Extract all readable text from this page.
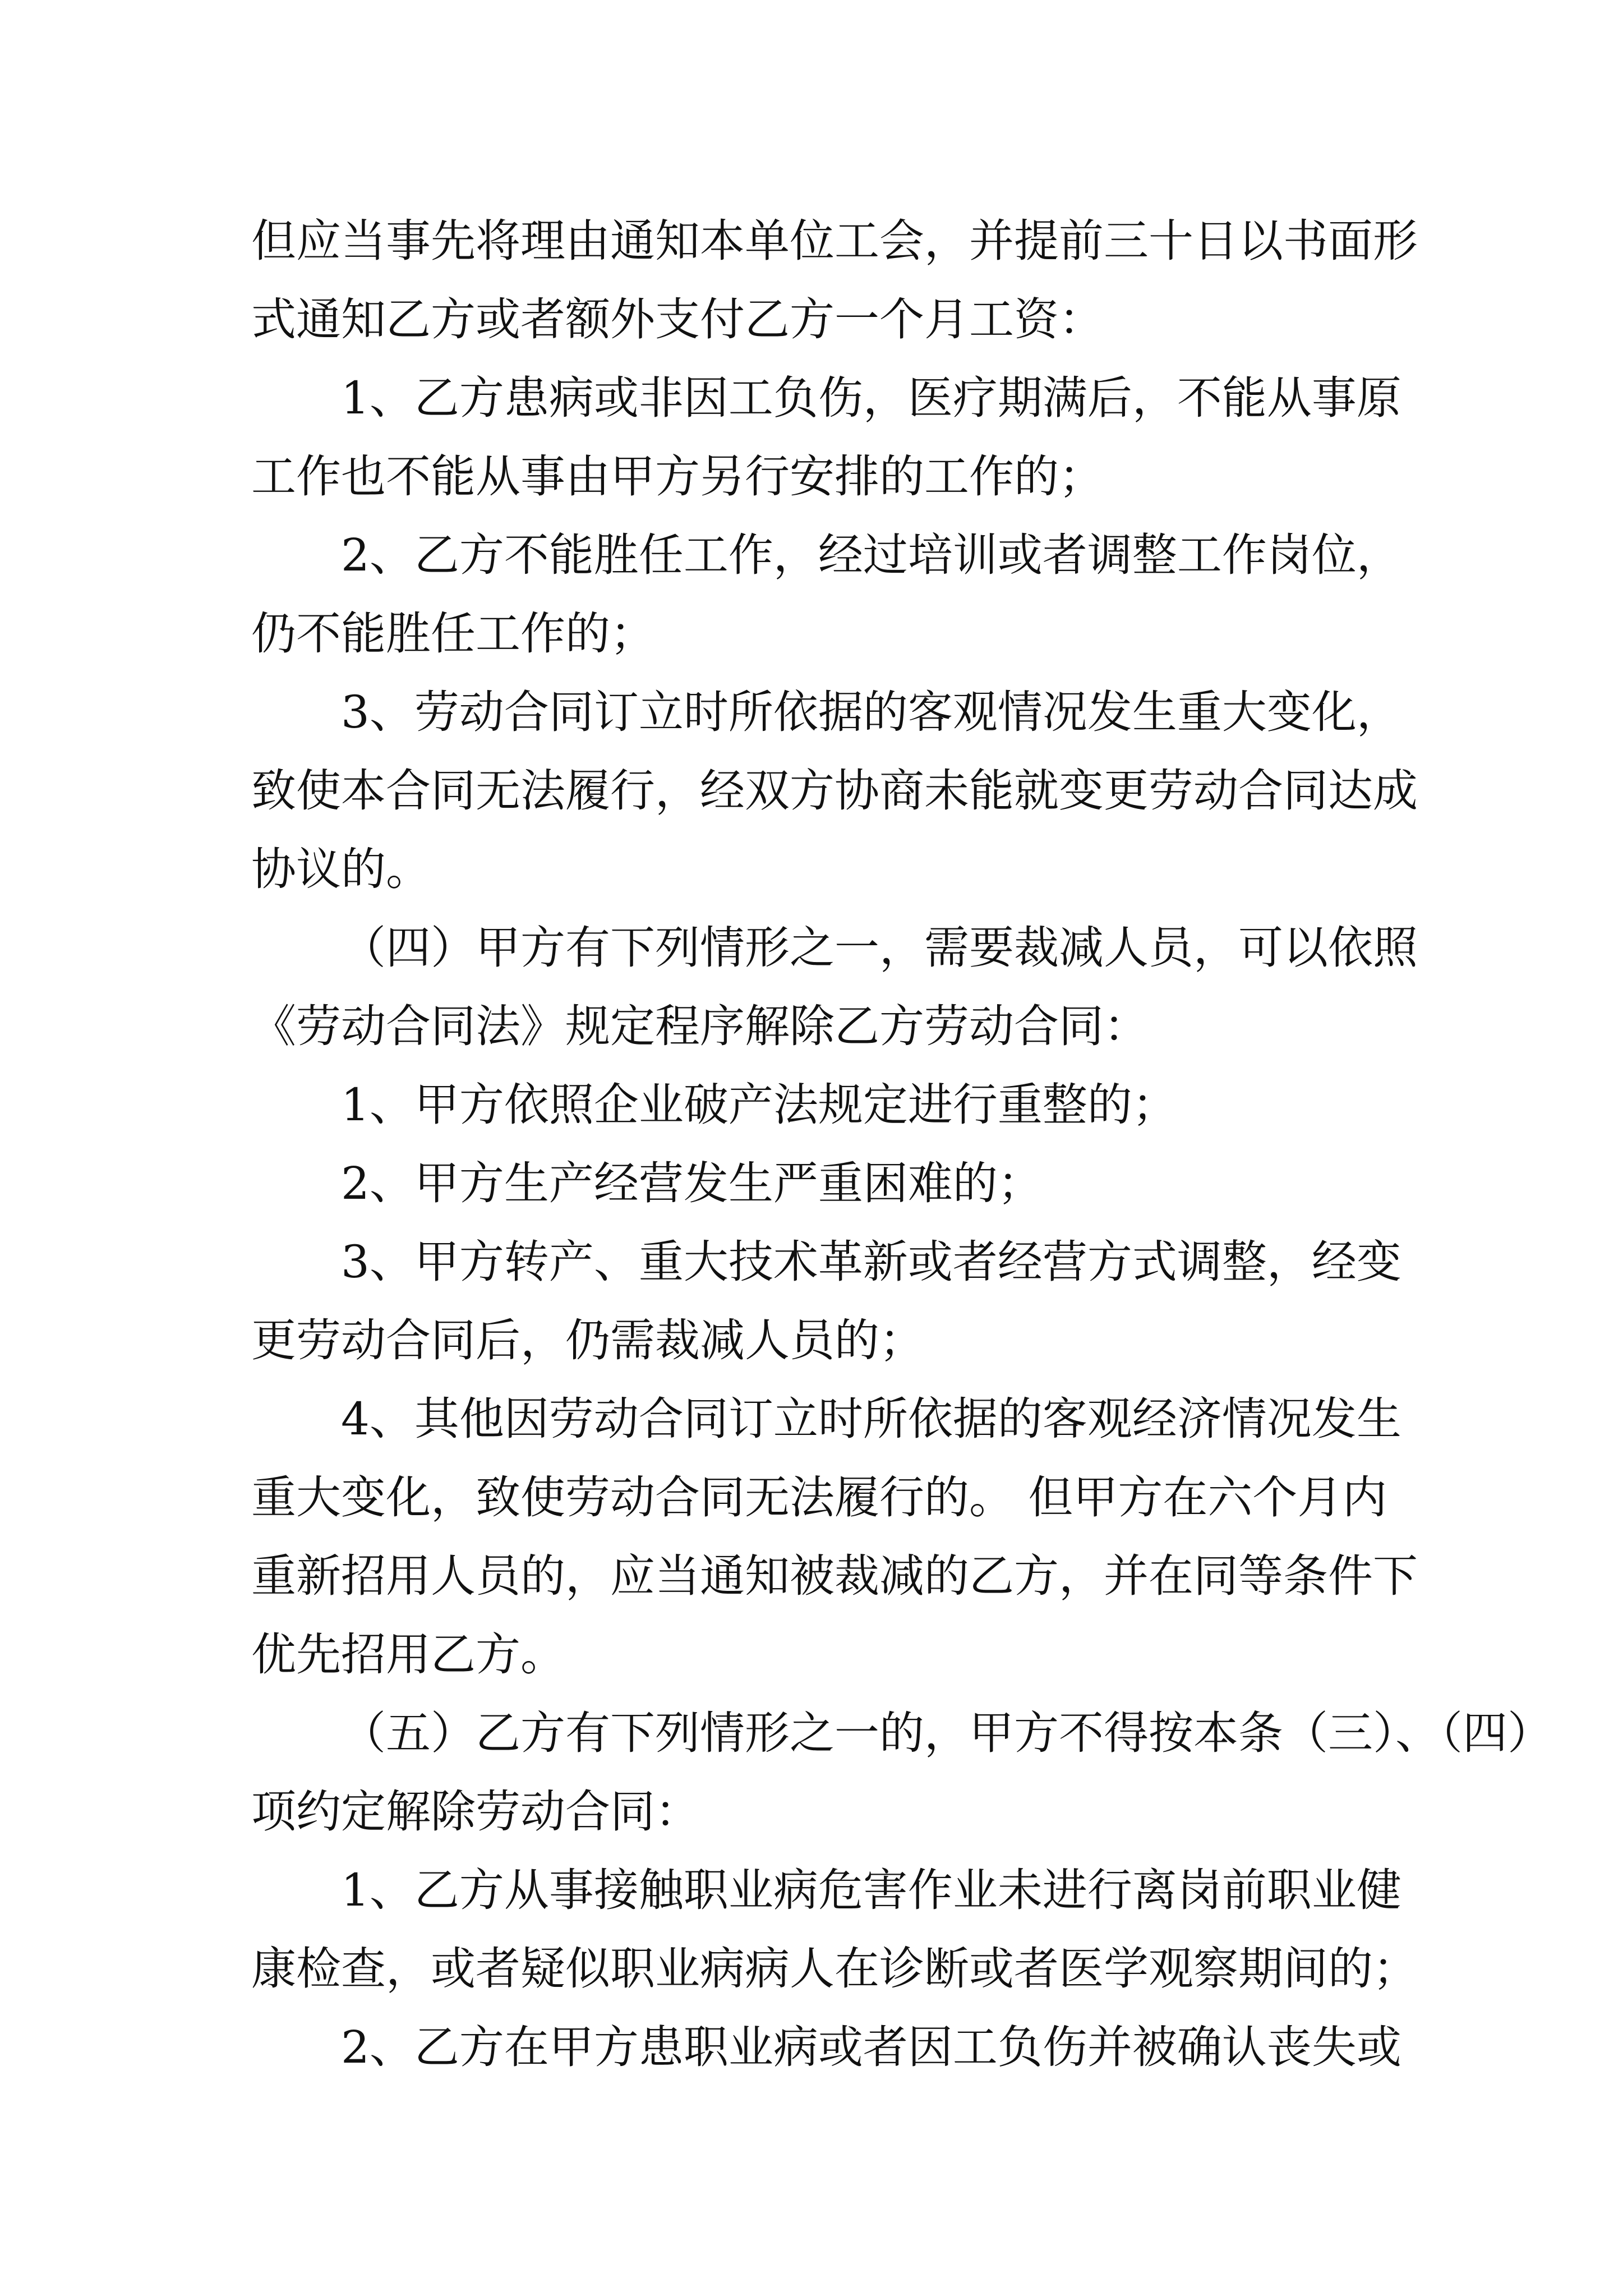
但应当事先将理由通知本单位工会，并提前三十日以书面形
式通知乙方或者额外支付乙方一个月工资：
1、乙方患病或非因工负伤，医疗期满后，不能从事原
工作也不能从事由甲方另行安排的工作的；
2、乙方不能胜任工作，经过培训或者调整工作岗位，
仍不能胜任工作的；
3、劳动合同订立时所依据的客观情况发生重大变化，
致使本合同无法履行，经双方协商未能就变更劳动合同达成
协议的。
（四）甲方有下列情形之一，需要裁减人员，可以依照
《劳动合同法》规定程序解除乙方劳动合同：
1、甲方依照企业破产法规定进行重整的；
2、甲方生产经营发生严重困难的；
3、甲方转产、重大技术革新或者经营方式调整，经变
更劳动合同后，仍需裁减人员的；
4、其他因劳动合同订立时所依据的客观经济情况发生
重大变化，致使劳动合同无法履行的。 但甲方在六个月内
重新招用人员的，应当通知被裁减的乙方，并在同等条件下
优先招用乙方。
（五）乙方有下列情形之一的，甲方不得按本条（三）、（四）
项约定解除劳动合同：
1、乙方从事接触职业病危害作业未进行离岗前职业健
康检查，或者疑似职业病病人在诊断或者医学观察期间的；
2、乙方在甲方患职业病或者因工负伤并被确认丧失或
